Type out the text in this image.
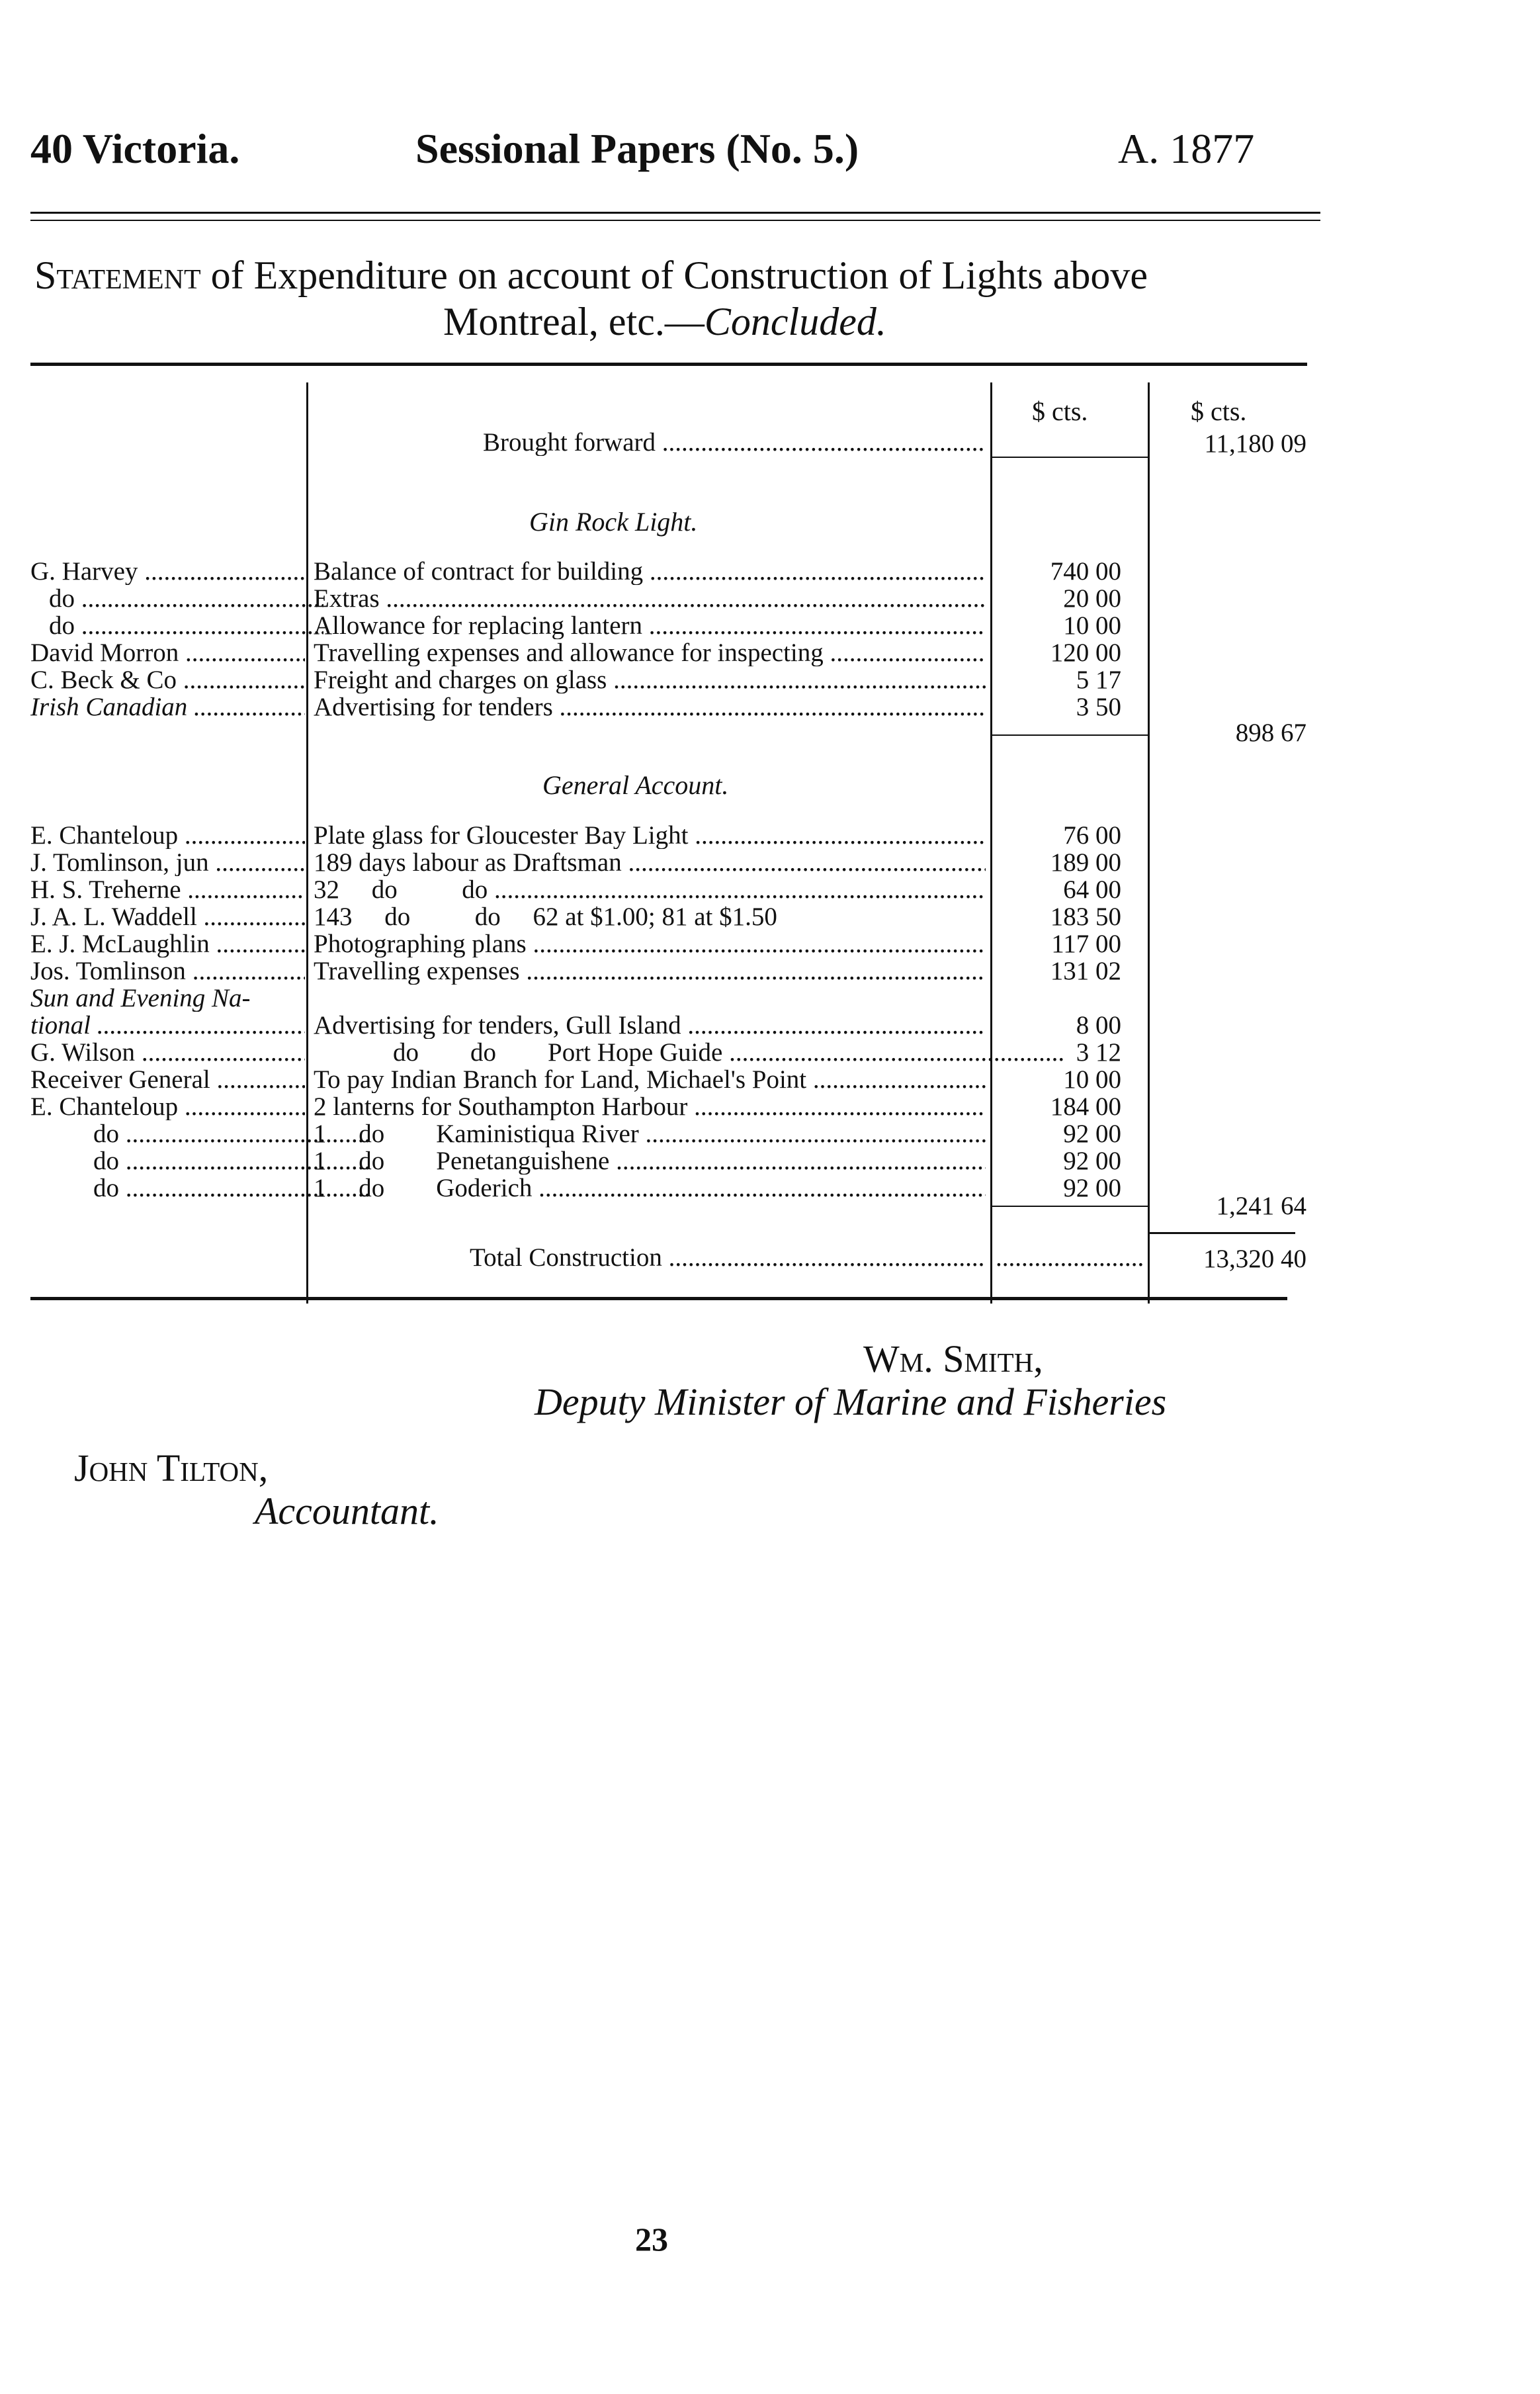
40 Victoria.	Sessional Papers (No. 5.)	A. 1877
Statement of Expenditure on account of Construction of Lights above
Montreal, etc.—Concluded.
$ cts.	$ cts.
Brought forward .....	11,180 09
Gin Rock Light.
G. Harvey .....	Balance of contract for building .....	740 00
do .....	Extras .....	20 00
do .....	Allowance for replacing lantern .....	10 00
David Morron .....	Travelling expenses and allowance for inspecting .....	120 00
C. Beck & Co .....	Freight and charges on glass .....	5 17
Irish Canadian .....	Advertising for tenders .....	3 50
898 67
General Account.
E. Chanteloup .....	Plate glass for Gloucester Bay Light .....	76 00
J. Tomlinson, jun .....	189 days labour as Draftsman .....	189 00
H. S. Treherne .....	32     do          do .....	64 00
J. A. L. Waddell .....	143     do          do     62 at $1.00; 81 at $1.50	183 50
E. J. McLaughlin .....	Photographing plans .....	117 00
Jos. Tomlinson .....	Travelling expenses .....	131 02
Sun and Evening Na-
tional .....	Advertising for tenders, Gull Island .....	8 00
G. Wilson .....	do        do        Port Hope Guide .....	3 12
Receiver General .....	To pay Indian Branch for Land, Michael's Point .....	10 00
E. Chanteloup .....	2 lanterns for Southampton Harbour .....	184 00
do .....	1     do        Kaministiqua River .....	92 00
do .....	1     do        Penetanguishene .....	92 00
do .....	1     do        Goderich .....	92 00
1,241 64
Total Construction .....
.....	13,320 40
Wm. Smith,
Deputy Minister of Marine and Fisheries
John Tilton,
Accountant.
23
